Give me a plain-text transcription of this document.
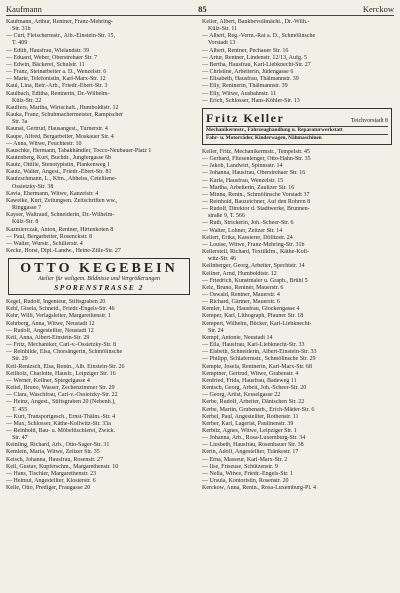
Kaufmann	85	Kerckow
Kaufmann, Arthur, Rentner, Franz-Mehring-
Str. 31b
— Curt, Fleischermstr., Alb.-Einstein-Str. 15,
T. 409
— Edith, Hausfrau, Wielandstr. 39
— Eduard, Weber, Oberstrehaer Str. 7
— Edwin, Bäckerei, Schulstr. 11
— Franz, Steinarbeiter a. D., Wenzelstr. 6
— Marie, Telefonistin, Karl-Marx-Str. 12
Kaul, Lina, Betr.-Arb., Friedr.-Ebert-Str. 3
Kaulbach, Editha, Rentnerin, Dr.-Wilhelm-
Külz-Str. 22
Kaulfers, Martha, Wirtschaft., Humboldtstr. 12
Kauka, Franz, Schuhmachermeister, Rampischer
Str. 3a
Kaunat, Gertrud, Hausangest., Turnerstr. 4
Kaupe, Alfrèd, Bergarbeiter, Moskauer Str. 4
— Anna, Witwe, Feuchtestr. 10
Kauschke, Hermann, Tabakhändler, Tocco-Neubauer-Platz 1
Kautenberg, Kurt, Buchdr., Jungfergasse 6b
Kautz, Ottilie, Stenotypistin, Plankenweg 1
Kautz, Walter, Angest., Friedr.-Ebert-Str. 81
Kautzschmann, L., Kfm., Abhelss, Ceteliiene-
Ossietzky-Str. 38
Kavia, Ehermann, Witwe, Kanzeistr. 4
Kaweike, Kurt, Zeitungsen. Zeitschriften ww.,
Ringgasse 7
Kayser, Waltraud, Schneiderin, Dr.-Wilhelm-
Külz-Str. 8
Kazmierczak, Anton, Rentner, Hirtenkoten 8
— Paul, Bergarbeiter, Rosenckstr. 8
— Walter, Wurstr., Schillerstr. 4
Kecke, Horst, Dipl.-Landw., Heine-Zille-Str. 27
OTTO KEGEBEIN
Atelier für weltgem. Bildnisse und Vergrößerungen
SPORENSTRASSE 2
Kegel, Rudolf, Ingenieur, Stiftsgraben 20
Kehl, Gisela, Schneid., Friedr.-Engels-Str. 46
Kehr, Willi, Verlagsleiter, Margarethenstr. 1
Kehrberg, Anna, Witwe, Neustadt 12
— Rudolf, Angestellter, Neustadt 12
Keil, Anna, Albert-Einstein-Str. 29
— Fritz, Mechaniker, Carl-v.-Ossietzky-Str. 8
— Reinhilde, Elsa, Chorsängerin, Schmölinsche
Str. 29
Keil-Rentzsch, Elsa, Rentn., Alb. Einstein-Str. 26
Keilholz, Charlotte, Hausfr., Leipziger Str. 16
— Werner, Kellner, Spiegelgasse 4
Keitel, Bruno, Wasser, Zechenzimmer Str. 29
— Clara, Waschfrau, Carl-v.-Ossietzky-Str. 22
— Heinz, Angest., Stiftsgraben 20 (Nebenh.),
T. 455
— Kurt, Transportgesch., Ernst-Thälm.-Str. 4
— Max, Schlosser, Käthe-Kollwitz-Str. 33a
— Reinhold, Bau- u. Möbeltischlerei, Zwick.
Str. 47
Keinling, Richard, Arb., Otto-Sager-Str. 31
Kemlein, Maria, Witwe, Zeitzer Str. 35
Kelsch, Johanna, Hausfrau, Rosenstr. 27
Kell, Gustav, Kupferschm., Margarethenstr. 10
— Hans, Tischler, Margarethenstr. 23
— Helmut, Angestellter, Klosterstr. 6
Kelle, Otto, Prediger, Fraugasse 20
Keller, Albert, Bankbevollmächt., Dr.-Wilh.-
Külz-Str. 11
— Albert, Reg.-Verm.-Rat a. D., Schmölinsche
Vorstadt 13
— Albert, Rentner, Pechauer Str. 16
— Artur, Rentner, Lindenstr. 12/13, Aufg. 5
— Bertha, Hausfrau, Karl-Liebknecht-Str. 27
— Christine, Arbeiterin, Jüdengasse 6
— Elisabeth, Hausfrau, Thälmannstr. 39
— Elly, Rentnerin, Thälmannstr. 39
— Elly, Witwe, Ausbahnstr. 11
— Erich, Schlosser, Hans-Köhler-Str. 13
Fritz Keller	Teichvorstadt 8
Mechanikermstr., Fahrzeughandlung u. Reparaturwerkstatt
Fahr- u. Motorräder, Kinderwagen, Nähmaschinen
Keller, Fritz, Mechanikermstr., Tempelstr. 45
— Gerhard, Fliesenlenger, Otto-Hahn-Str. 35
— Jakob, Landwirt, Spinnsstr. 14
— Johanna, Hausfrau, Oberstrehaer Str. 16
— Karla, Hausfrau, Wenzelstr. 15
— Martha, Arbeiterin, Zauitzer Str. 16
— Minna, Rentn., Schmölinsche Vorstadt 37
— Reinhold, Bauzeichner, Auf den Rohren 8
— Rudolf, Direktor d. Stadtwerke, Brunnen-
straße 9, T. 566
— Ruth, Strickerin, Joh.-Scheer-Str. 6
— Walter, Lohner, Zeitzer Str. 14
Kellert, Erika, Kassierer, Dölitzstr. 24
— Louise, Witwe, Franz-Mehring-Str. 31b
Kellerstell, Richard, Textilkfm., Käthe-Koll-
witz-Str. 46
Kellnberger, Georg, Arbeiter, Spechtstr. 14
Kellner, Arnd, Humboldtstr. 12
— Friedrich, Kunstmaler u. Graph., Brühl 5
Kelz, Bruno, Rentner, Mauerstr. 6
— Oswald, Rentner, Mauerstr. 4
— Richard, Gärtner, Mauerstr. 6
Kemler, Lina, Hausfrau, Glockengasse 4
Kemper, Karl, Lithograph, Pfauner Str. 18
Kempert, Wilhelm, Bücker, Karl-Liebknecht-
Str. 24
Kempf, Antonie, Neustadt 14
— Ella, Hausfrau, Karl-Liebknecht-Str. 33
— Elsbeth, Schneiderin, Albert-Einstein-Str. 33
— Philipp, Schlafermstr., Schmölinsche Str. 29
Kempte, Josefa, Rentnerin, Karl-Marx-Str. 68
Kemptner, Gertrud, Witwe, Grabenstr. 4
Kenfried, Frida, Hausfrau, Badeweg 11
Kentsch, Georg, Arbeit, Joh.-Scheer-Str. 20
— Georg, Artist, Kesselgasse 22
Kerbe, Rudolf, Arbeiter, Dänischen Str. 22
Kerbe, Martin, Grubenarb., Erich-Mäder-Str. 6
Kerbel, Paul, Angestellter, Rothenstr. 11
Kerber, Karl, Lagerist, Paulinenstr. 39
Kerbitz, Agnes, Witwe, Leipziger Str. 1
— Johanna, Arb., Rosa-Luxemburg-Str. 34
— Liesbeth, Hausfrau, Rosenhauer Str. 38
Kerin, Adolf, Angestellter, Tränkestr. 17
— Erna, Masseur, Karl-Marx-Str. 2
— Ilse, Friseuse, Schützenstr. 9
— Nella, Witwe, Friedr.-Engels-Str. 1
— Ursula, Kontoristin, Rosenstr. 20
Kerckow, Anna, Rentn., Rosa-Luxemburg-Pl. 4
